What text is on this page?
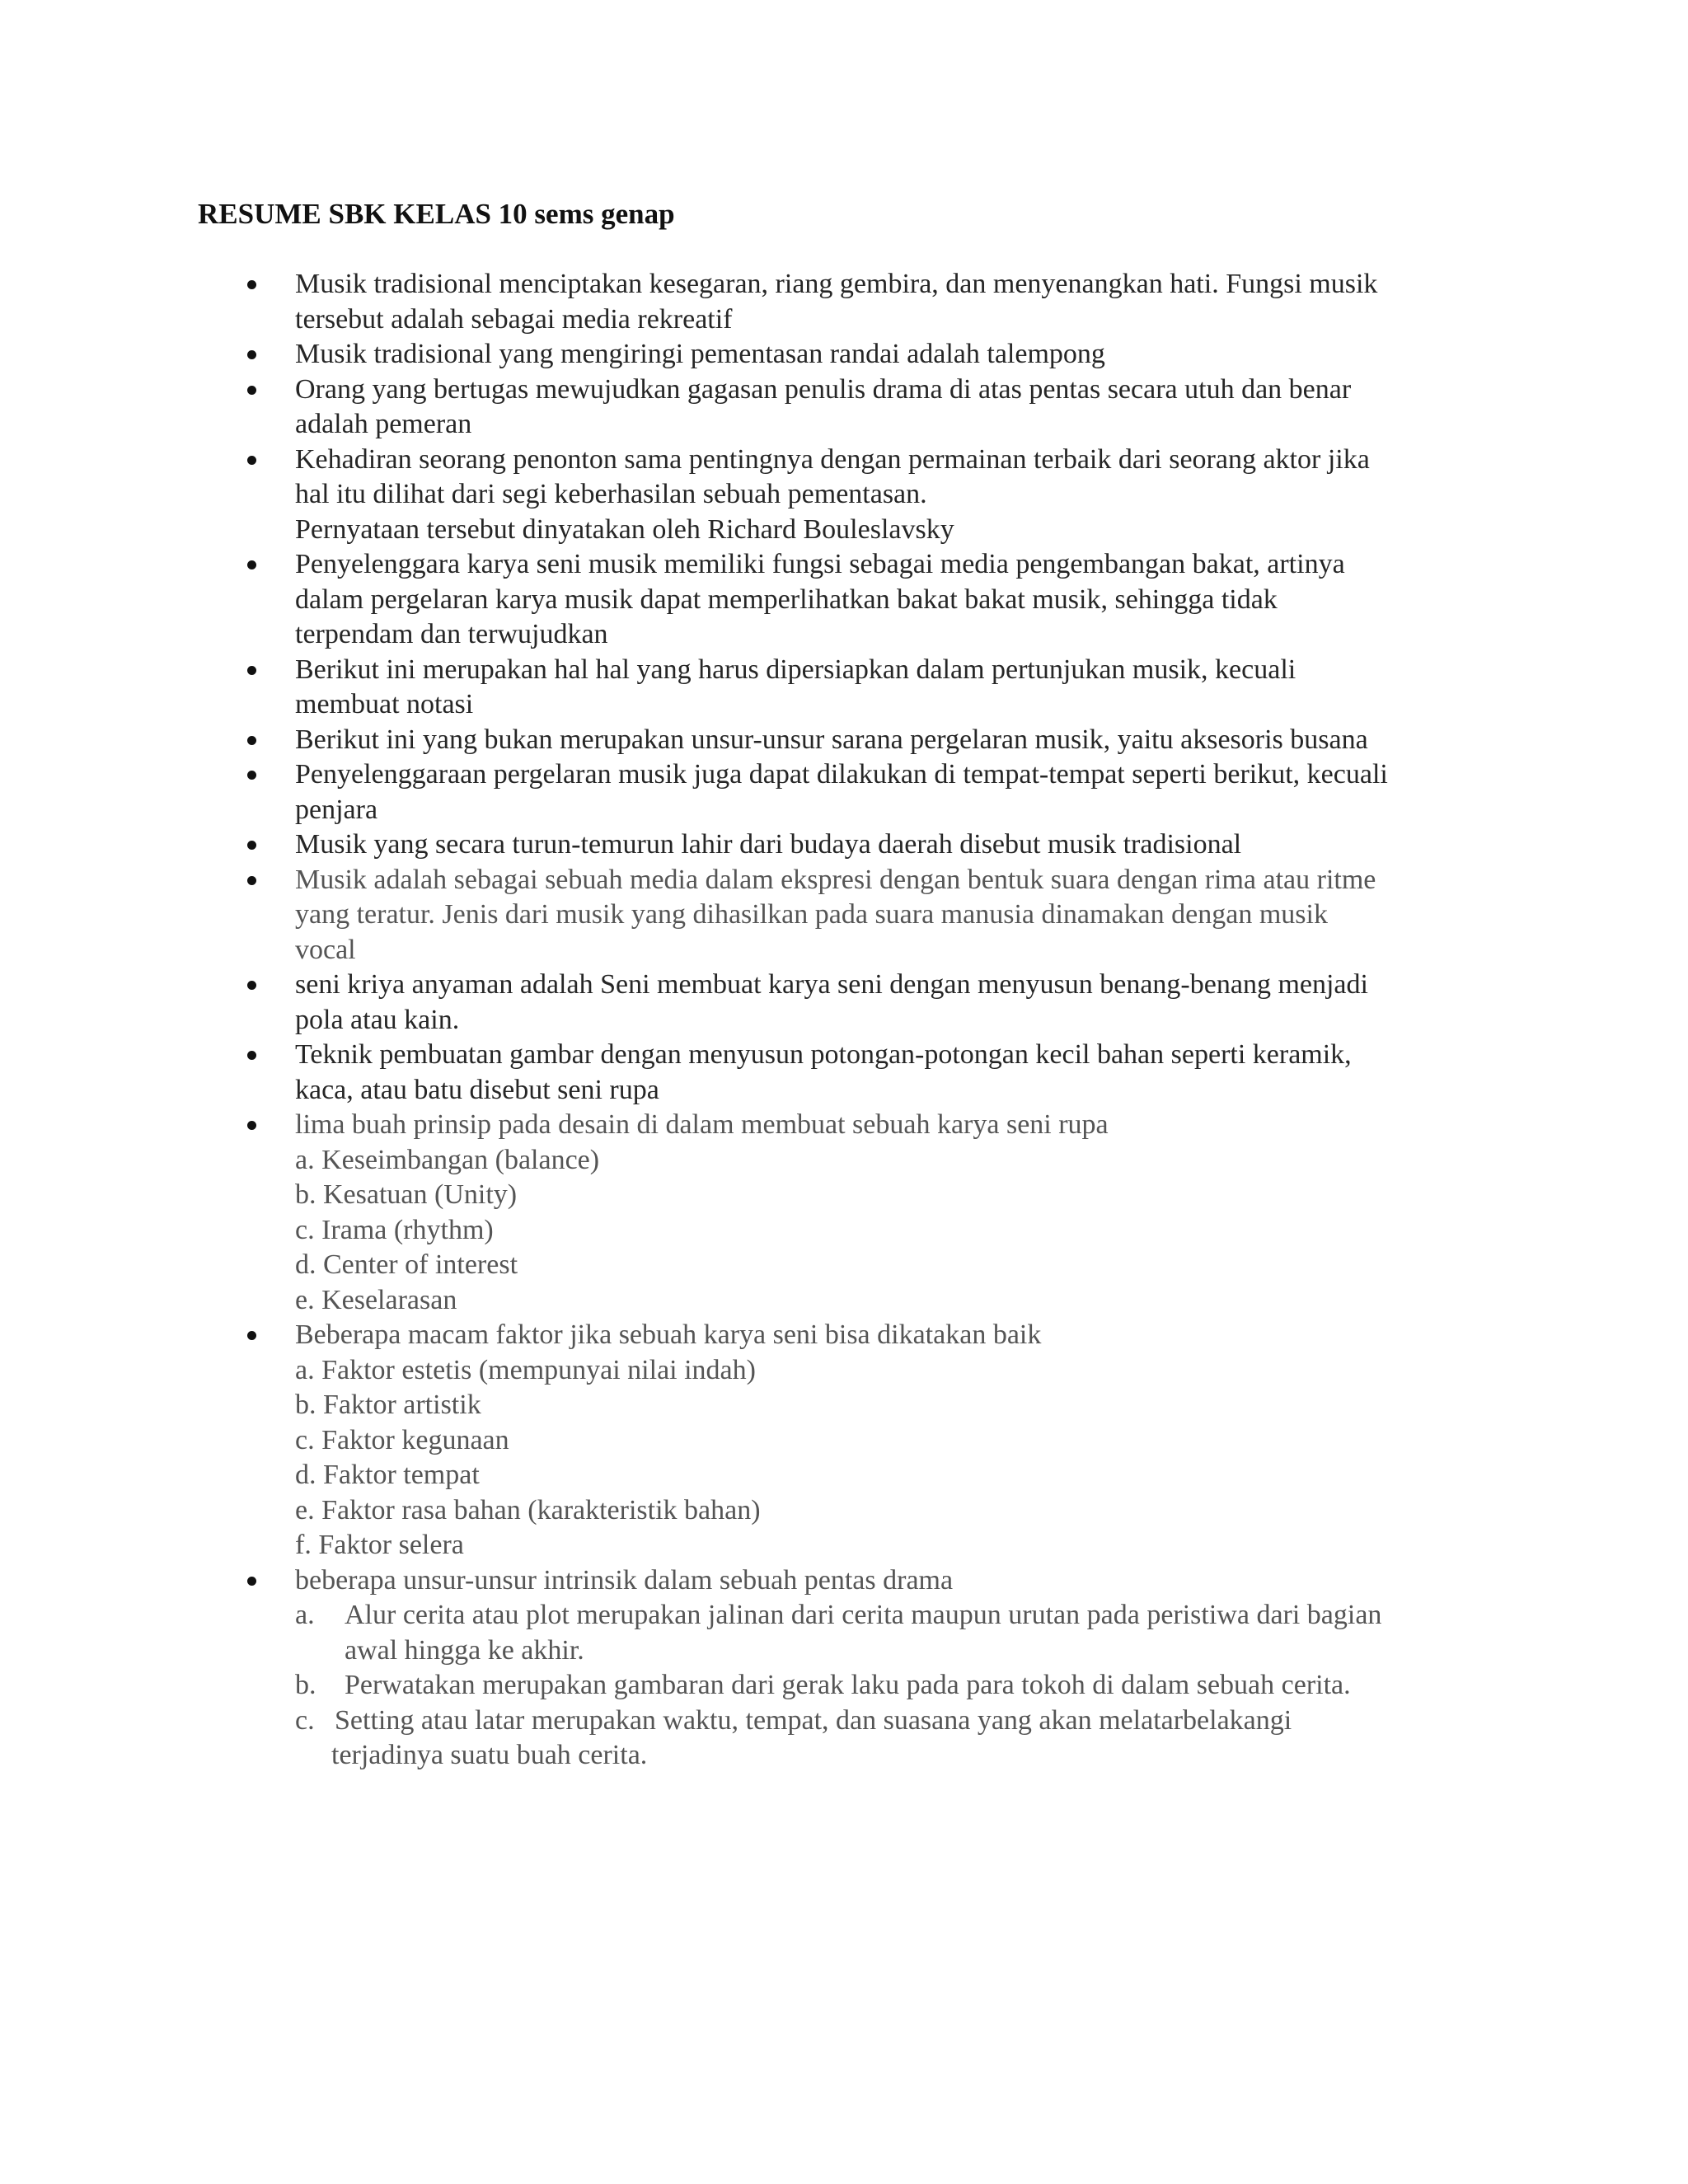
RESUME SBK KELAS 10 sems genap
Musik tradisional menciptakan kesegaran, riang gembira, dan menyenangkan hati. Fungsi musik
tersebut adalah sebagai media rekreatif
Musik tradisional yang mengiringi pementasan randai adalah talempong
Orang yang bertugas mewujudkan gagasan penulis drama di atas pentas secara utuh dan benar
adalah pemeran
Kehadiran seorang penonton sama pentingnya dengan permainan terbaik dari seorang aktor jika
hal itu dilihat dari segi keberhasilan sebuah pementasan.
Pernyataan tersebut dinyatakan oleh Richard Bouleslavsky
Penyelenggara karya seni musik memiliki fungsi sebagai media pengembangan bakat, artinya
dalam pergelaran karya musik dapat memperlihatkan bakat bakat musik, sehingga tidak
terpendam dan terwujudkan
Berikut ini merupakan hal hal yang harus dipersiapkan dalam pertunjukan musik, kecuali
membuat notasi
Berikut ini yang bukan merupakan unsur-unsur sarana pergelaran musik, yaitu aksesoris busana
Penyelenggaraan pergelaran musik juga dapat dilakukan di tempat-tempat seperti berikut, kecuali
penjara
Musik yang secara turun-temurun lahir dari budaya daerah disebut musik tradisional
Musik adalah sebagai sebuah media dalam ekspresi dengan bentuk suara dengan rima atau ritme
yang teratur. Jenis dari musik yang dihasilkan pada suara manusia dinamakan dengan musik
vocal
seni kriya anyaman adalah Seni membuat karya seni dengan menyusun benang-benang menjadi
pola atau kain.
Teknik pembuatan gambar dengan menyusun potongan-potongan kecil bahan seperti keramik,
kaca, atau batu disebut seni rupa
lima buah prinsip pada desain di dalam membuat sebuah karya seni rupa
a. Keseimbangan (balance)
b. Kesatuan (Unity)
c. Irama (rhythm)
d. Center of interest
e. Keselarasan
Beberapa macam faktor jika sebuah karya seni bisa dikatakan baik
a. Faktor estetis (mempunyai nilai indah)
b. Faktor artistik
c. Faktor kegunaan
d. Faktor tempat
e. Faktor rasa bahan (karakteristik bahan)
f. Faktor selera
beberapa unsur-unsur intrinsik dalam sebuah pentas drama
a. Alur cerita atau plot merupakan jalinan dari cerita maupun urutan pada peristiwa dari bagian
awal hingga ke akhir.
b. Perwatakan merupakan gambaran dari gerak laku pada para tokoh di dalam sebuah cerita.
c. Setting atau latar merupakan waktu, tempat, dan suasana yang akan melatarbelakangi
terjadinya suatu buah cerita.
